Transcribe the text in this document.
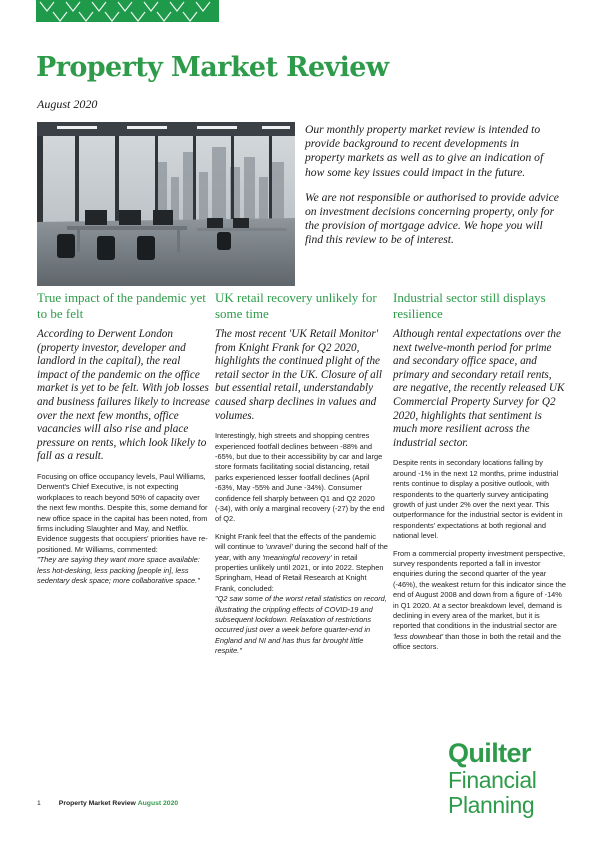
Property Market Review
August 2020

Our monthly property market review is intended to provide background to recent developments in property markets as well as to give an indication of how some key issues could impact in the future.

We are not responsible or authorised to provide advice on investment decisions concerning property, only for the provision of mortgage advice. We hope you will find this review to be of interest.

True impact of the pandemic yet to be felt

According to Derwent London (property investor, developer and landlord in the capital), the real impact of the pandemic on the office market is yet to be felt. With job losses and business failures likely to increase over the next few months, office vacancies will also rise and place pressure on rents, which look likely to fall as a result.

Focusing on office occupancy levels, Paul Williams, Derwent's Chief Executive, is not expecting workplaces to reach beyond 50% of capacity over the next few months. Despite this, some demand for new office space in the capital has been noted, from firms including Slaughter and May, and Netflix. Evidence suggests that occupiers' priorities have re-positioned. Mr Williams, commented:

"They are saying they want more space available: less hot-desking, less packing [people in], less sedentary desk space; more collaborative space."

UK retail recovery unlikely for some time

The most recent 'UK Retail Monitor' from Knight Frank for Q2 2020, highlights the continued plight of the retail sector in the UK. Closure of all but essential retail, understandably caused sharp declines in values and volumes.

Interestingly, high streets and shopping centres experienced footfall declines between -88% and -65%, but due to their accessibility by car and large store formats facilitating social distancing, retail parks experienced lesser footfall declines (April -63%, May -55% and June -34%). Consumer confidence fell sharply between Q1 and Q2 2020 (-34), with only a marginal recovery (-27) by the end of Q2.

Knight Frank feel that the effects of the pandemic will continue to 'unravel' during the second half of the year, with any 'meaningful recovery' in retail properties unlikely until 2021, or into 2022. Stephen Springham, Head of Retail Research at Knight Frank, concluded:

"Q2 saw some of the worst retail statistics on record, illustrating the crippling effects of COVID-19 and subsequent lockdown. Relaxation of restrictions occurred just over a week before quarter-end in England and NI and has thus far brought little respite."

Industrial sector still displays resilience

Although rental expectations over the next twelve-month period for prime and secondary office space, and primary and secondary retail rents, are negative, the recently released UK Commercial Property Survey for Q2 2020, highlights that sentiment is much more resilient across the industrial sector.

Despite rents in secondary locations falling by around -1% in the next 12 months, prime industrial rents continue to display a positive outlook, with respondents to the quarterly survey anticipating growth of just under 2% over the next year. This outperformance for the industrial sector is evident in respondents' expectations at both regional and national level.

From a commercial property investment perspective, survey respondents reported a fall in investor enquiries during the second quarter of the year (-46%), the weakest return for this indicator since the end of August 2008 and down from a figure of -14% in Q1 2020. At a sector breakdown level, demand is declining in every area of the market, but it is reported that conditions in the industrial sector are 'less downbeat' than those in both the retail and the office sectors.

1	Property Market Review August 2020
Quilter
Financial
Planning
